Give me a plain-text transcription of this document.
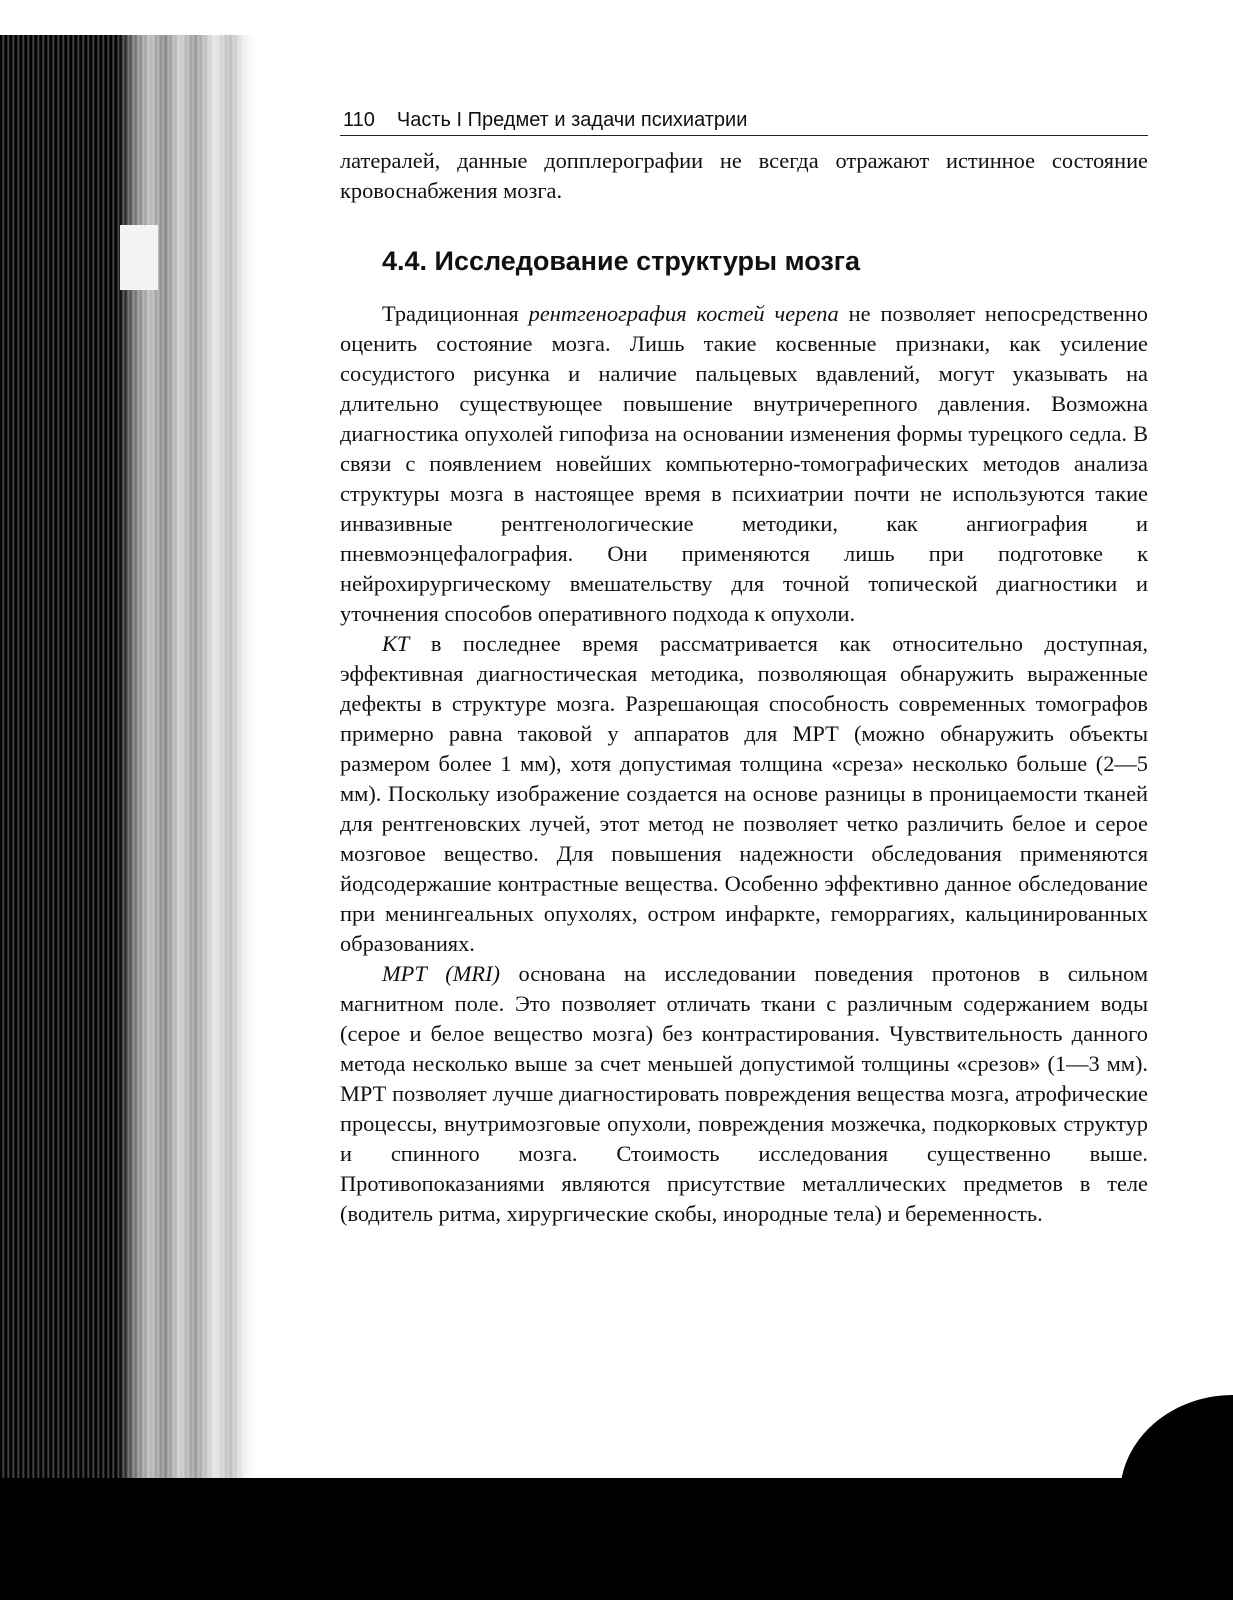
110 Часть I Предмет и задачи психиатрии

латералей, данные допплерографии не всегда отражают истинное состояние кровоснабжения мозга.

4.4. Исследование структуры мозга

Традиционная рентгенография костей черепа не позволяет непосредственно оценить состояние мозга. Лишь такие косвенные признаки, как усиление сосудистого рисунка и наличие пальцевых вдавлений, могут указывать на длительно существующее повышение внутричерепного давления. Возможна диагностика опухолей гипофиза на основании изменения формы турецкого седла. В связи с появлением новейших компьютерно-томографических методов анализа структуры мозга в настоящее время в психиатрии почти не используются такие инвазивные рентгенологические методики, как ангиография и пневмоэнцефалография. Они применяются лишь при подготовке к нейрохирургическому вмешательству для точной топической диагностики и уточнения способов оперативного подхода к опухоли.

КТ в последнее время рассматривается как относительно доступная, эффективная диагностическая методика, позволяющая обнаружить выраженные дефекты в структуре мозга. Разрешающая способность современных томографов примерно равна таковой у аппаратов для МРТ (можно обнаружить объекты размером более 1 мм), хотя допустимая толщина «среза» несколько больше (2—5 мм). Поскольку изображение создается на основе разницы в проницаемости тканей для рентгеновских лучей, этот метод не позволяет четко различить белое и серое мозговое вещество. Для повышения надежности обследования применяются йодсодержашие контрастные вещества. Особенно эффективно данное обследование при менингеальных опухолях, остром инфаркте, геморрагиях, кальцинированных образованиях.

МРТ (MRI) основана на исследовании поведения протонов в сильном магнитном поле. Это позволяет отличать ткани с различным содержанием воды (серое и белое вещество мозга) без контрастирования. Чувствительность данного метода несколько выше за счет меньшей допустимой толщины «срезов» (1—3 мм). МРТ позволяет лучше диагностировать повреждения вещества мозга, атрофические процессы, внутримозговые опухоли, повреждения мозжечка, подкорковых структур и спинного мозга. Стоимость исследования существенно выше. Противопоказаниями являются присутствие металлических предметов в теле (водитель ритма, хирургические скобы, инородные тела) и беременность.
